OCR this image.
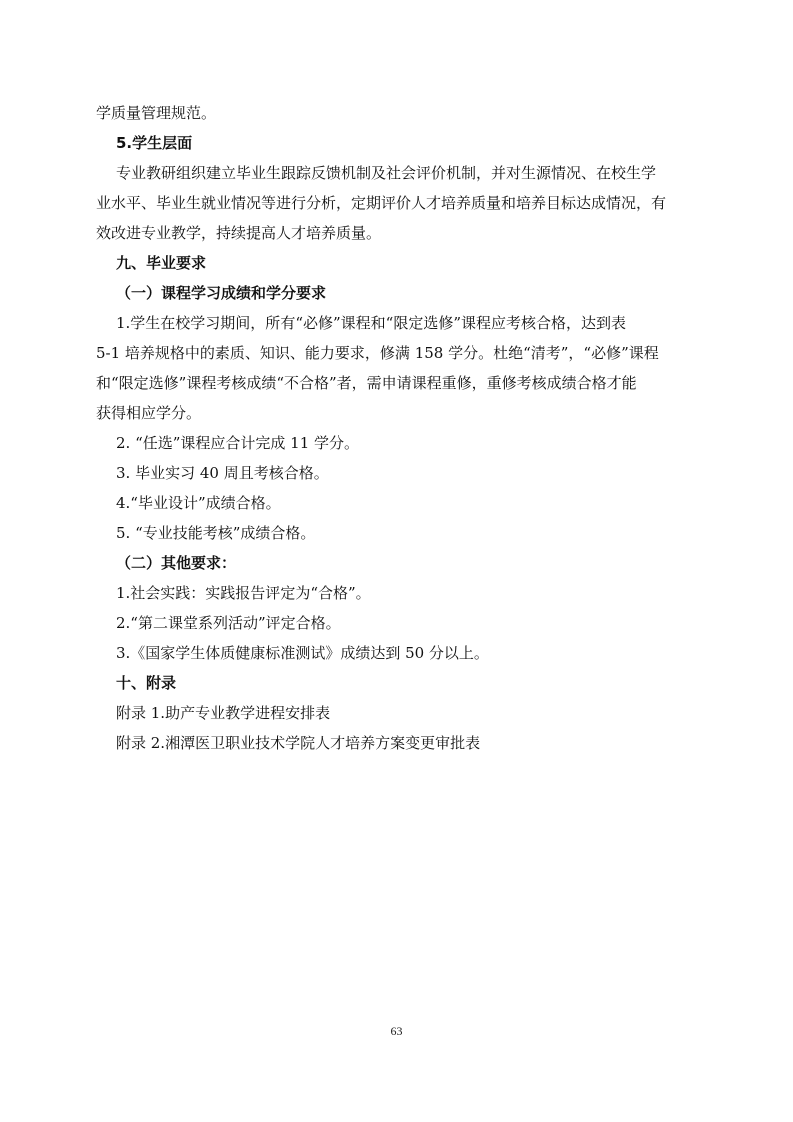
学质量管理规范。
5.学生层面
专业教研组织建立毕业生跟踪反馈机制及社会评价机制，并对生源情况、在校生学
业水平、毕业生就业情况等进行分析，定期评价人才培养质量和培养目标达成情况，有
效改进专业教学，持续提高人才培养质量。
九、毕业要求
（一）课程学习成绩和学分要求
1.学生在校学习期间，所有“必修”课程和“限定选修”课程应考核合格，达到表
5-1 培养规格中的素质、知识、能力要求，修满 158 学分。杜绝“清考”，“必修”课程
和“限定选修”课程考核成绩“不合格”者，需申请课程重修，重修考核成绩合格才能
获得相应学分。
2. “任选”课程应合计完成 11 学分。
3. 毕业实习 40 周且考核合格。
4.“毕业设计”成绩合格。
5. “专业技能考核”成绩合格。
（二）其他要求：
1.社会实践：实践报告评定为“合格”。
2.“第二课堂系列活动”评定合格。
3.《国家学生体质健康标准测试》成绩达到 50 分以上。
十、附录
附录 1.助产专业教学进程安排表
附录 2.湘潭医卫职业技术学院人才培养方案变更审批表
63
